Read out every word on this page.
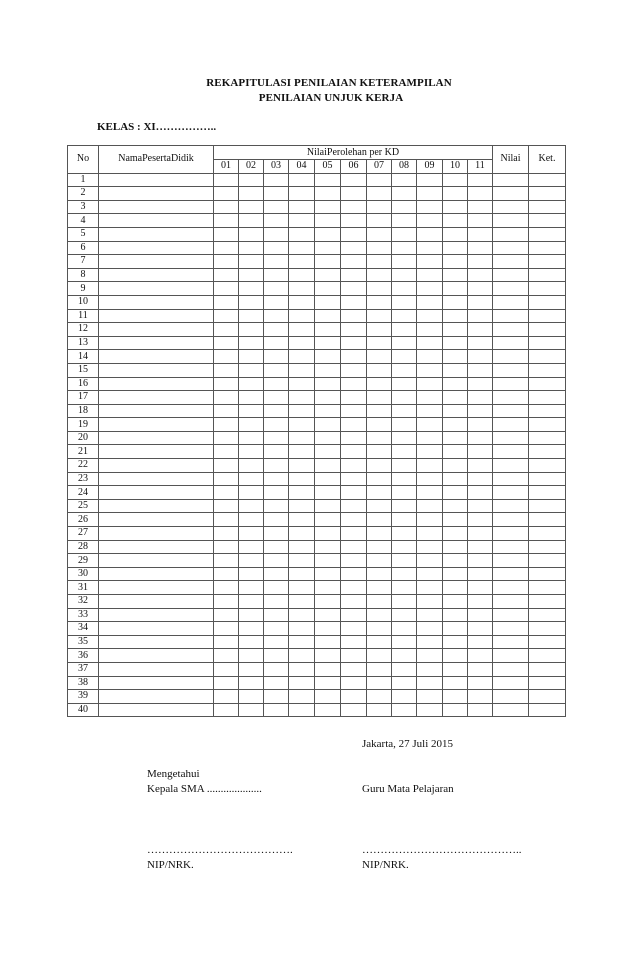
REKAPITULASI PENILAIAN KETERAMPILAN
PENILAIAN UNJUK KERJA
KELAS : XI……………..
No	NamaPesertaDidik	NilaiPerolehan per KD											Nilai	Ket.
		01	02	03	04	05	06	07	08	09	10	11		
1														
2														
3														
4														
5														
6														
7														
8														
9														
10														
11														
12														
13														
14														
15														
16														
17														
18														
19														
20														
21														
22														
23														
24														
25														
26														
27														
28														
29														
30														
31														
32														
33														
34														
35														
36														
37														
38														
39														
40														
Jakarta, 27 Juli 2015
Mengetahui
Kepala SMA ....................	Guru Mata Pelajaran
………………………………….	……………………………………..
NIP/NRK.	NIP/NRK.
